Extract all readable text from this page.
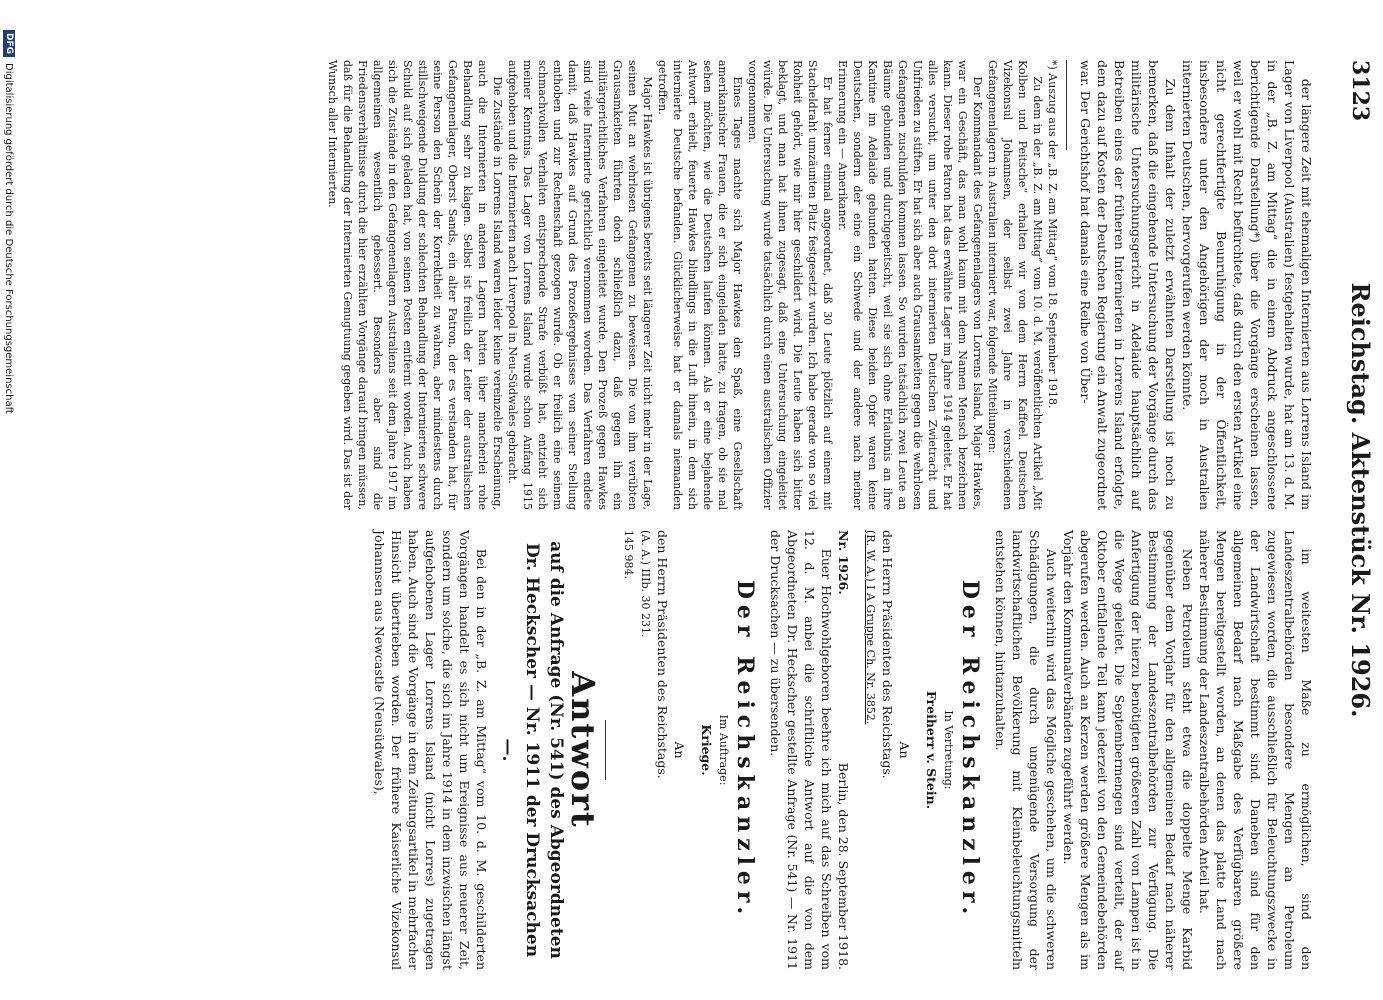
3123
Reichstag. Aktenstück Nr. 1926.

der längere Zeit mit ehemaligen Internierten aus Lorrens Island im Lager von Liverpool (Australien) festgehalten wurde, hat am 13. d. M. in der „B. Z. am Mittag“ die in einem Abdruck angeschlossene berichtigende Darstellung*) über die Vorgänge erscheinen lassen, weil er wohl mit Recht befürchtete, daß durch den ersten Artikel eine nicht gerechtfertigte Beunruhigung in der Öffentlichkeit, insbesondere unter den Angehörigen der noch in Australien internierten Deutschen, hervorgerufen werden könnte.

Zu dem Inhalt der zuletzt erwähnten Darstellung ist noch zu bemerken, daß die eingehende Untersuchung der Vorgänge durch das militärische Untersuchungsgericht in Adelaide hauptsächlich auf Betreiben eines der früheren Internierten in Lorrens Island erfolgte, dem dazu auf Kosten der Deutschen Regierung ein Anwalt zugeordnet war. Der Gerichtshof hat damals eine Reihe von Über-

*) Auszug aus der „B. Z. am Mittag“ vom 18. September 1918.

Zu dem in der „B. Z. am Mittag“ vom 10. d. M. veröffentlichten Artikel „Mit Kolben und Peitsche“ erhalten wir von dem Herrn Kaffeel. Deutschen Vizekonsul Johannsen, der selbst zwei Jahre in verschiedenen Gefangenenlagern in Australien interniert war, folgende Mitteilungen:

Der Kommandant des Gefangenenlagers von Lorrens Island, Major Hawkes, war ein Geschäft, das man wohl kaum mit dem Namen Mensch bezeichnen kann. Dieser rohe Patron hat das erwähnte Lager im Jahre 1914 geleitet. Er hat alles versucht, um unter den dort internierten Deutschen Zwietracht und Unfrieden zu stiften. Er hat sich aber auch Grausamkeiten gegen die wehrlosen Gefangenen zuschulden kommen lassen. So wurden tatsächlich zwei Leute an Bäume gebunden und durchgepeitscht, weil sie sich ohne Erlaubnis an ihre Kantine im Adelaide gebunden hatten. Diese beiden Opfer waren keine Deutschen, sondern der eine ein Schwede und der andere nach meiner Erinnerung ein — Amerikaner.

Er hat ferner einmal angeordnet, daß 30 Leute plötzlich auf einem mit Stacheldraht umzäunten Platz festgesetzt wurden. Ich habe gerade von so viel Rohheit gehört, wie mir hier geschildert wird. Die Leute haben sich bitter beklagt, und man hat ihnen zugesagt, daß eine Untersuchung eingeleitet würde. Die Untersuchung wurde tatsächlich durch einen australischen Offizier vorgenommen.

Eines Tages machte sich Major Hawkes den Spaß, eine Gesellschaft amerikanischer Frauen, die er sich eingeladen hatte, zu fragen, ob sie mal sehen möchten, wie die Deutschen laufen können. Als er eine bejahende Antwort erhielt, feuerte Hawkes blindlings in die Luft hinein, in dem sich internierte Deutsche befanden. Glücklicherweise hat er damals niemanden getroffen.

Major Hawkes ist übrigens bereits seit längerer Zeit nicht mehr in der Lage, seinen Mut an wehrlosen Gefangenen zu beweisen. Die von ihm verübten Grausamkeiten führten doch schließlich dazu, daß gegen ihn ein militärgerichtliches Verfahren eingeleitet wurde. Den Prozeß gegen Hawkes sind viele Internierte gerichtlich vernommen worden. Das Verfahren endete damit, daß Hawkes auf Grund des Prozeßergebnisses von seiner Stellung enthoben und zur Rechenschaft gezogen wurde. Ob er freilich eine seinem schmachvollen Verhalten entsprechende Strafe verbüßt hat, entzieht sich meiner Kenntnis. Das Lager von Lorrens Island wurde schon Anfang 1915 aufgehoben und die Internierten nach Liverpool in Neu-Südwales gebracht.

Die Zustände in Lorrens Island waren leider keine vereinzelte Erscheinung, auch die Internierten in anderen Lagern hatten über mancherlei rohe Behandlung sehr zu klagen. Selbst ist freilich der Leiter der australischen Gefangenenlager, Oberst Sands, ein alter Patron, der es verstanden hat, für seine Person den Schein der Korrektheit zu wahren, aber mindestens durch stillschweigende Duldung der schlechten Behandlung der Internierten schwere Schuld auf sich geladen hat, von seinen Posten entfernt worden. Auch haben sich die Zustände in den Gefangenenlagern Australiens seit dem Jahre 1917 im allgemeinen wesentlich gebessert. Besonders aber sind die Friedensverhältnisse durch die hier erzählten Vorgänge darauf bringen müssen, daß für die Behandlung der Internierten Genugtuung gegeben wird. Das ist der Wunsch aller Internierten.

im weitesten Maße zu ermöglichen, sind den Landeszentralbehörden besondere Mengen an Petroleum zugewiesen worden, die ausschließlich für Beleuchtungszwecke in der Landwirtschaft bestimmt sind. Daneben sind für den allgemeinen Bedarf nach Maßgabe des Verfügbaren größere Mengen bereitgestellt worden, an denen das platte Land nach näherer Bestimmung der Landeszentralbehörden Anteil hat.

Neben Petroleum steht etwa die doppelte Menge Karbid gegenüber dem Vorjahr für den allgemeinen Bedarf nach näherer Bestimmung der Landeszentralbehörden zur Verfügung. Die Anfertigung der hierzu benötigten größeren Zahl von Lampen ist in die Wege geleitet. Die Septembermengen sind verteilt, der auf Oktober entfallende Teil kann jederzeit von den Gemeindebehörden abgerufen werden. Auch an Kerzen werden größere Mengen als im Vorjahr den Kommunalverbänden zugeführt werden.

Auch weiterhin wird das Mögliche geschehen, um die schweren Schädigungen, die durch ungenügende Versorgung der landwirtschaftlichen Bevölkerung mit Kleinbeleuchtungsmitteln entstehen können, hintanzuhalten.

Der Reichskanzler.
In Vertretung:
Freiherr v. Stein.
An

den Herrn Präsidenten des Reichstags.

(R. W. A.) I A Gruppe Ch. Nr. 3852.

Nr. 1926.
Berlin, den 28. September 1918.

Euer Hochwohlgeboren beehre ich mich auf das Schreiben vom 12. d. M. anbei die schriftliche Antwort auf die von dem Abgeordneten Dr. Heckscher gestellte Anfrage (Nr. 541) — Nr. 1911 der Drucksachen — zu übersenden.

Der Reichskanzler.
Im Auftrage:
Kriege.
An

den Herrn Präsidenten des Reichstags.

(A. A.) IIIb. 30 231.

145 984.

Antwort
auf die Anfrage (Nr. 541) des Abgeordneten Dr. Heckscher — Nr. 1911 der Drucksachen —.

Bei den in der „B. Z. am Mittag“ vom 10. d. M. geschilderten Vorgängen handelt es sich nicht um Ereignisse aus neuerer Zeit, sondern um solche, die sich im Jahre 1914 in dem inzwischen längst aufgehobenen Lager Lorrens Island (nicht Lorres) zugetragen haben. Auch sind die Vorgänge in dem Zeitungsartikel in mehrfacher Hinsicht übertrieben worden. Der frühere Kaiserliche Vizekonsul Johannsen aus Newcastle (Neusüdwales),

DFG
Digitalisierung gefördert durch die Deutsche Forschungsgemeinschaft
